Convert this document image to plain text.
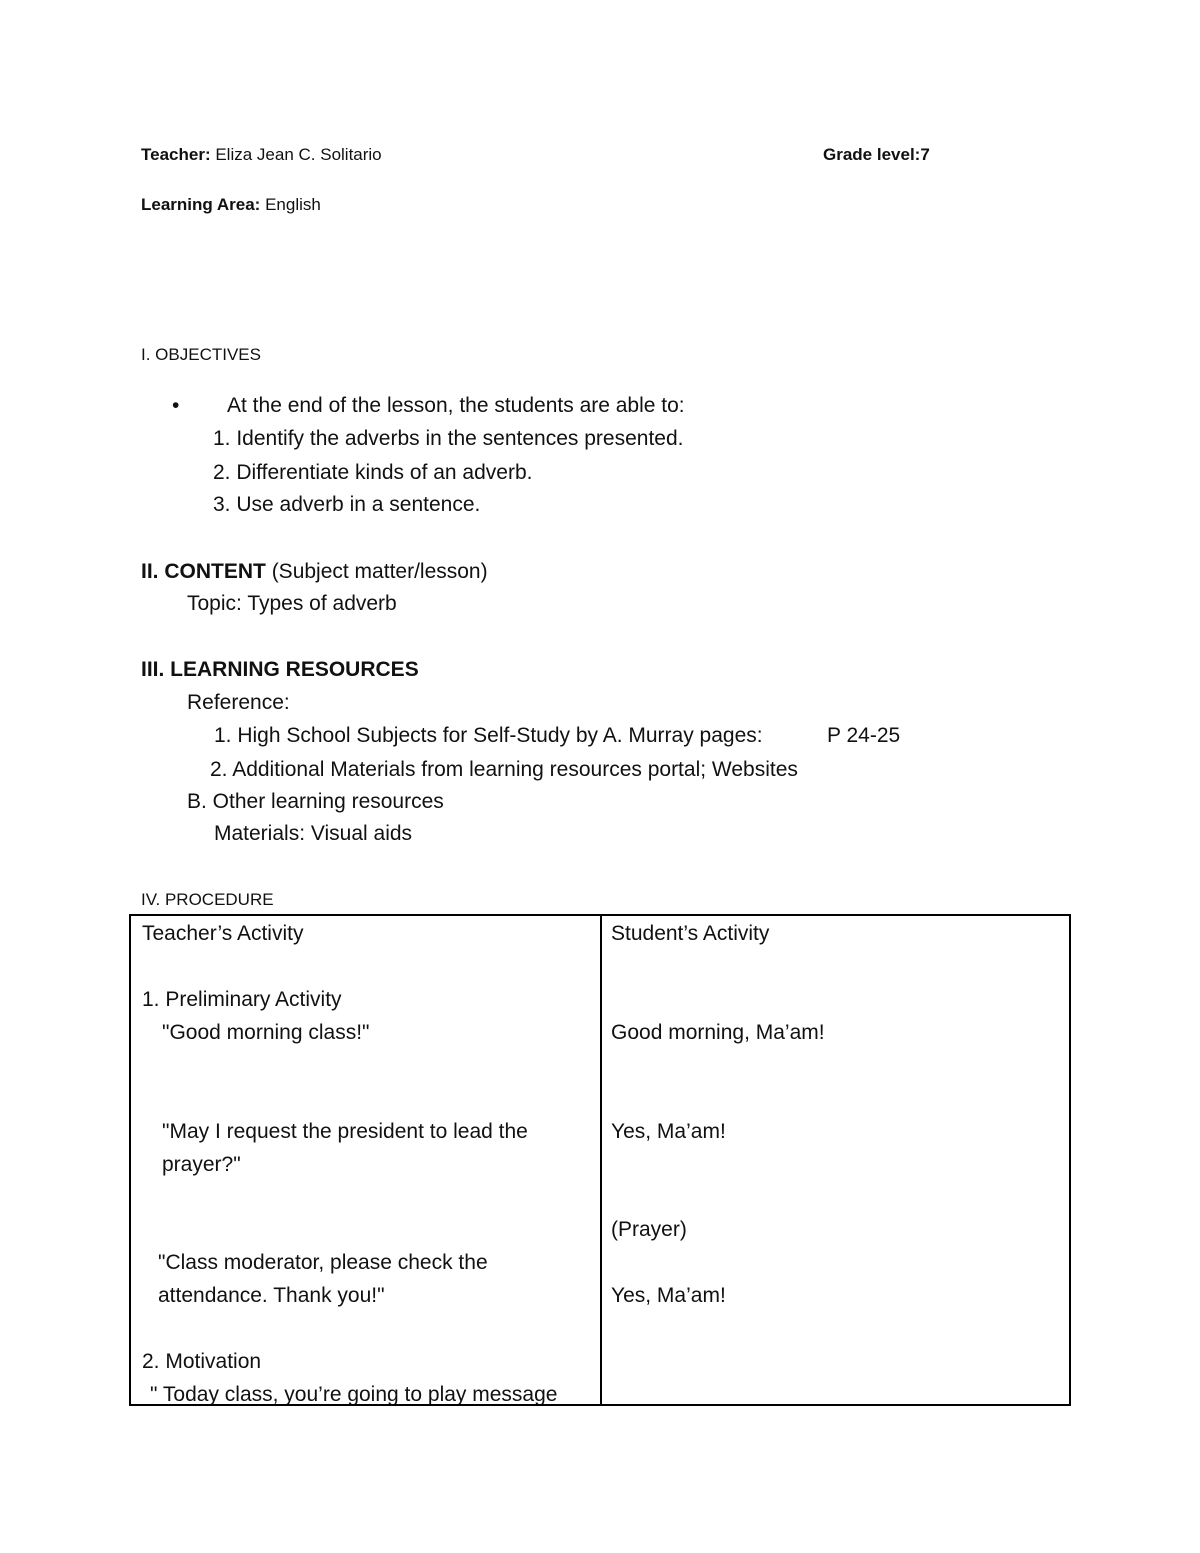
Teacher: Eliza Jean C. Solitario	Grade level:7
Learning Area: English
I. OBJECTIVES
• At the end of the lesson, the students are able to:
1. Identify the adverbs in the sentences presented.
2. Differentiate kinds of an adverb.
3. Use adverb in a sentence.
II. CONTENT (Subject matter/lesson)
Topic: Types of adverb
III. LEARNING RESOURCES
Reference:
1. High School Subjects for Self-Study by A. Murray pages:	P 24-25
2. Additional Materials from learning resources portal; Websites
B. Other learning resources
Materials: Visual aids
IV. PROCEDURE
Teacher’s Activity
1. Preliminary Activity
"Good morning class!"
"May I request the president to lead the
prayer?"
"Class moderator, please check the
attendance. Thank you!"
2. Motivation
" Today class, you’re going to play message
Student’s Activity
Good morning, Ma’am!
Yes, Ma’am!
(Prayer)
Yes, Ma’am!
